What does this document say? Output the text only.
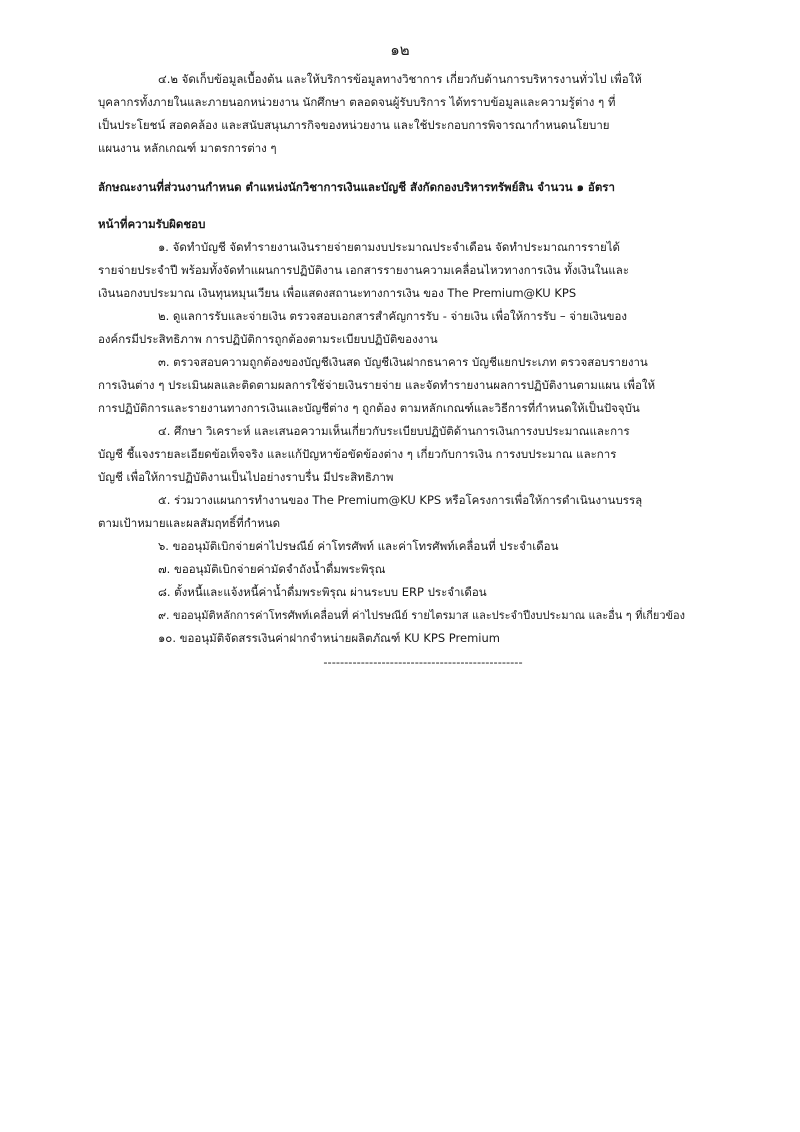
๑๒

๔.๒ จัดเก็บข้อมูลเบื้องต้น และให้บริการข้อมูลทางวิชาการ เกี่ยวกับด้านการบริหารงานทั่วไป เพื่อให้
บุคลากรทั้งภายในและภายนอกหน่วยงาน นักศึกษา ตลอดจนผู้รับบริการ ได้ทราบข้อมูลและความรู้ต่าง ๆ ที่
เป็นประโยชน์ สอดคล้อง และสนับสนุนภารกิจของหน่วยงาน และใช้ประกอบการพิจารณากำหนดนโยบาย
แผนงาน หลักเกณฑ์ มาตรการต่าง ๆ

ลักษณะงานที่ส่วนงานกำหนด ตำแหน่งนักวิชาการเงินและบัญชี สังกัดกองบริหารทรัพย์สิน จำนวน ๑ อัตรา

หน้าที่ความรับผิดชอบ

๑. จัดทำบัญชี จัดทำรายงานเงินรายจ่ายตามงบประมาณประจำเดือน จัดทำประมาณการรายได้
รายจ่ายประจำปี พร้อมทั้งจัดทำแผนการปฏิบัติงาน เอกสารรายงานความเคลื่อนไหวทางการเงิน ทั้งเงินในและ
เงินนอกงบประมาณ เงินทุนหมุนเวียน เพื่อแสดงสถานะทางการเงิน ของ The Premium@KU KPS

๒. ดูแลการรับและจ่ายเงิน ตรวจสอบเอกสารสำคัญการรับ - จ่ายเงิน เพื่อให้การรับ – จ่ายเงินของ
องค์กรมีประสิทธิภาพ การปฏิบัติการถูกต้องตามระเบียบปฏิบัติของงาน

๓. ตรวจสอบความถูกต้องของบัญชีเงินสด บัญชีเงินฝากธนาคาร บัญชีแยกประเภท ตรวจสอบรายงาน
การเงินต่าง ๆ ประเมินผลและติดตามผลการใช้จ่ายเงินรายจ่าย และจัดทำรายงานผลการปฏิบัติงานตามแผน เพื่อให้
การปฏิบัติการและรายงานทางการเงินและบัญชีต่าง ๆ ถูกต้อง ตามหลักเกณฑ์และวิธีการที่กำหนดให้เป็นปัจจุบัน

๔. ศึกษา วิเคราะห์ และเสนอความเห็นเกี่ยวกับระเบียบปฏิบัติด้านการเงินการงบประมาณและการ
บัญชี ชี้แจงรายละเอียดข้อเท็จจริง และแก้ปัญหาข้อขัดข้องต่าง ๆ เกี่ยวกับการเงิน การงบประมาณ และการ
บัญชี เพื่อให้การปฏิบัติงานเป็นไปอย่างราบรื่น มีประสิทธิภาพ

๕. ร่วมวางแผนการทำงานของ The Premium@KU KPS หรือโครงการเพื่อให้การดำเนินงานบรรลุ
ตามเป้าหมายและผลสัมฤทธิ์ที่กำหนด

๖. ขออนุมัติเบิกจ่ายค่าไปรษณีย์ ค่าโทรศัพท์ และค่าโทรศัพท์เคลื่อนที่ ประจำเดือน

๗. ขออนุมัติเบิกจ่ายค่ามัดจำถังน้ำดื่มพระพิรุณ

๘. ตั้งหนี้และแจ้งหนี้ค่าน้ำดื่มพระพิรุณ ผ่านระบบ ERP ประจำเดือน

๙. ขออนุมัติหลักการค่าโทรศัพท์เคลื่อนที่ ค่าไปรษณีย์ รายไตรมาส และประจำปีงบประมาณ และอื่น ๆ ที่เกี่ยวข้อง

๑๐. ขออนุมัติจัดสรรเงินค่าฝากจำหน่ายผลิตภัณฑ์ KU KPS Premium

------------------------------------------------
